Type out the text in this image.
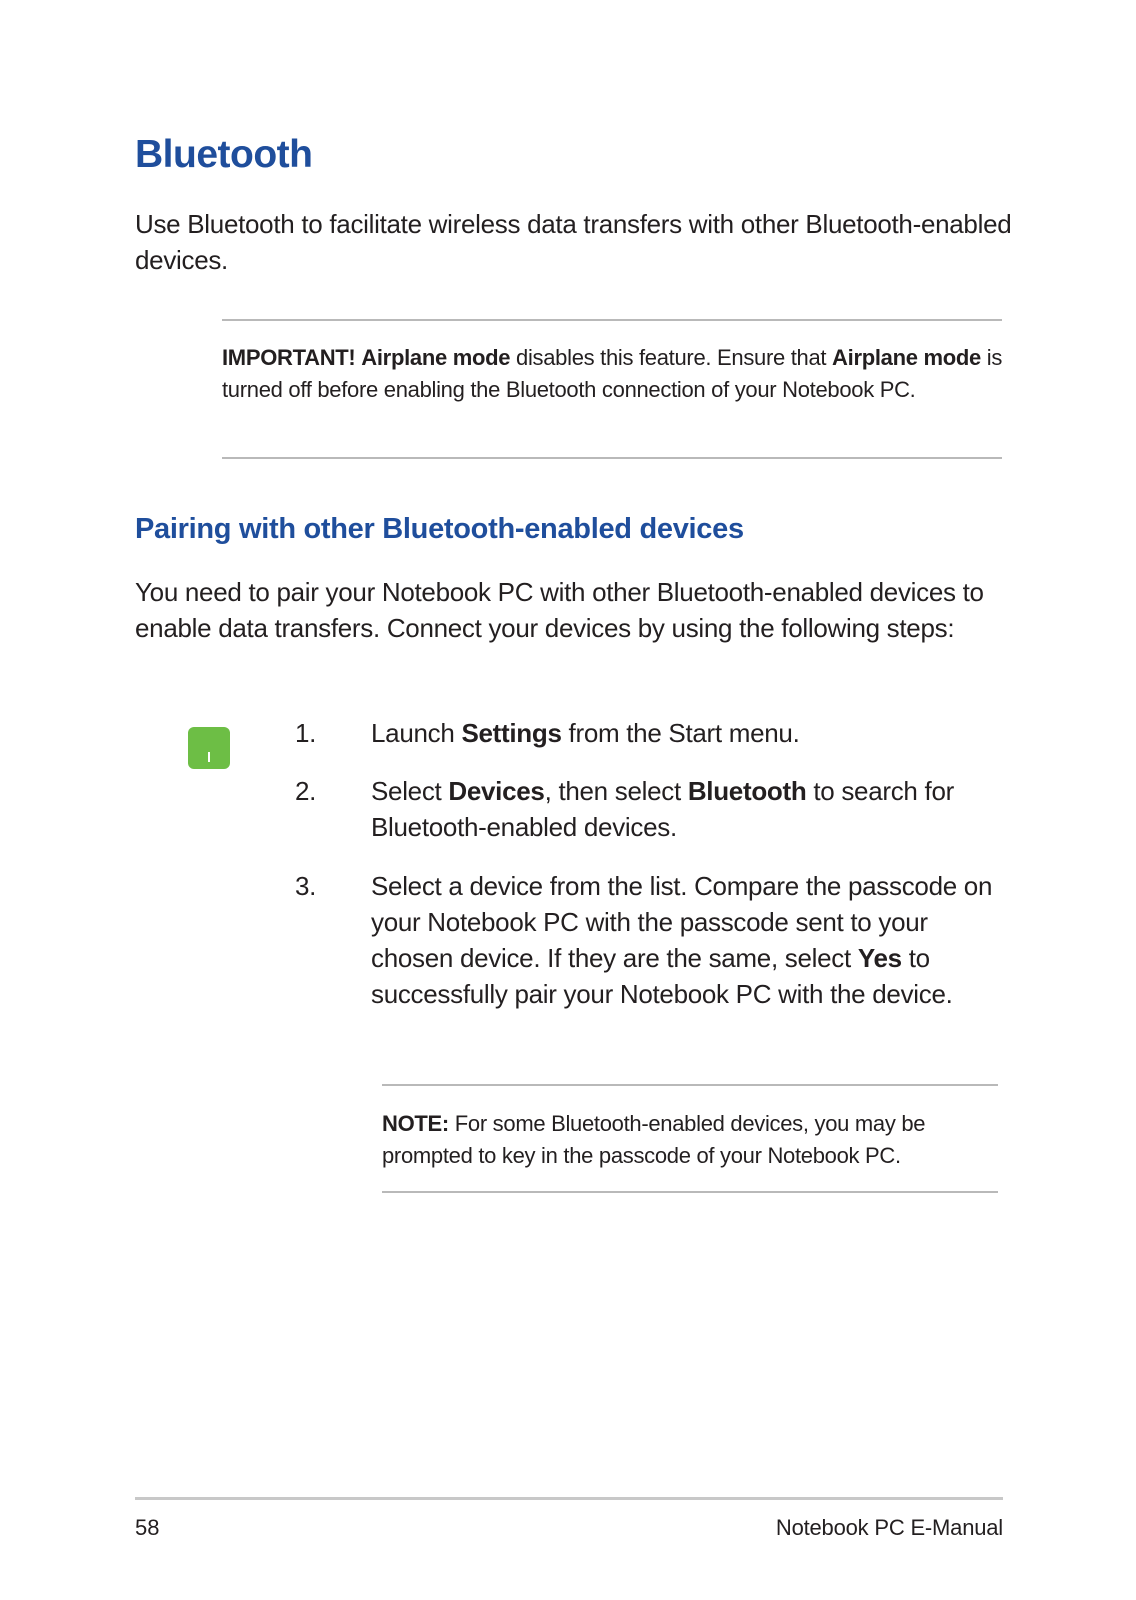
Bluetooth

Use Bluetooth to facilitate wireless data transfers with other Bluetooth-enabled devices.

IMPORTANT! Airplane mode disables this feature. Ensure that Airplane mode is turned off before enabling the Bluetooth connection of your Notebook PC.

Pairing with other Bluetooth-enabled devices

You need to pair your Notebook PC with other Bluetooth-enabled devices to enable data transfers. Connect your devices by using the following steps:

1.	Launch Settings from the Start menu.
2.	Select Devices, then select Bluetooth to search for Bluetooth-enabled devices.
3.	Select a device from the list. Compare the passcode on your Notebook PC with the passcode sent to your chosen device. If they are the same, select Yes to successfully pair your Notebook PC with the device.

NOTE: For some Bluetooth-enabled devices, you may be prompted to key in the passcode of your Notebook PC.

58	Notebook PC E-Manual
